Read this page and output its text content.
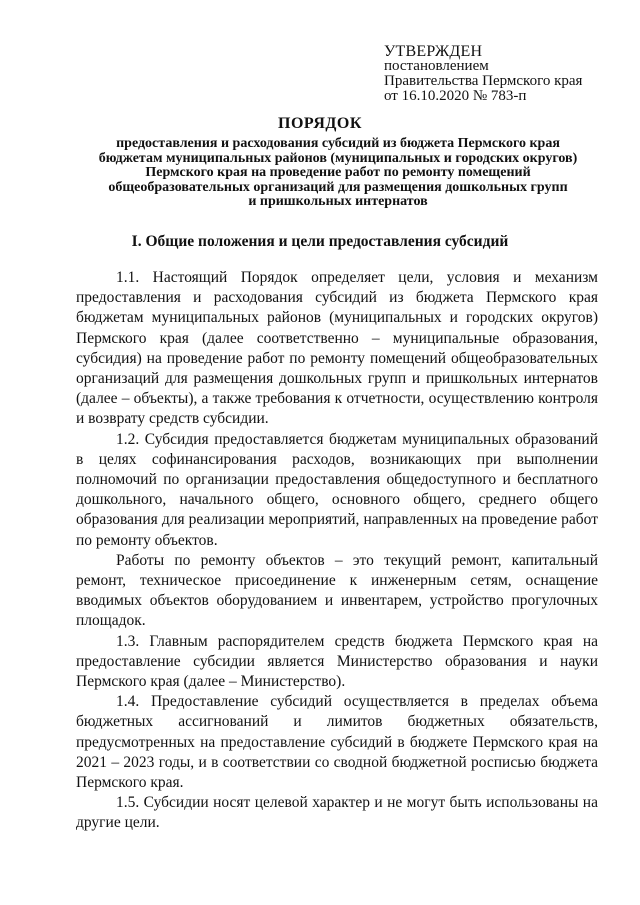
УТВЕРЖДЕН
постановлением
Правительства Пермского края
от 16.10.2020 № 783-п
ПОРЯДОК
предоставления и расходования субсидий из бюджета Пермского края
бюджетам муниципальных районов (муниципальных и городских округов)
Пермского края на проведение работ по ремонту помещений
общеобразовательных организаций для размещения дошкольных групп
и пришкольных интернатов
I. Общие положения и цели предоставления субсидий

1.1. Настоящий Порядок определяет цели, условия и механизм предоставления и расходования субсидий из бюджета Пермского края бюджетам муниципальных районов (муниципальных и городских округов) Пермского края (далее соответственно – муниципальные образования, субсидия) на проведение работ по ремонту помещений общеобразовательных организаций для размещения дошкольных групп и пришкольных интернатов (далее – объекты), а также требования к отчетности, осуществлению контроля и возврату средств субсидии.

1.2. Субсидия предоставляется бюджетам муниципальных образований в целях софинансирования расходов, возникающих при выполнении полномочий по организации предоставления общедоступного и бесплатного дошкольного, начального общего, основного общего, среднего общего образования для реализации мероприятий, направленных на проведение работ по ремонту объектов.

Работы по ремонту объектов – это текущий ремонт, капитальный ремонт, техническое присоединение к инженерным сетям, оснащение вводимых объектов оборудованием и инвентарем, устройство прогулочных площадок.

1.3. Главным распорядителем средств бюджета Пермского края на предоставление субсидии является Министерство образования и науки Пермского края (далее – Министерство).

1.4. Предоставление субсидий осуществляется в пределах объема бюджетных ассигнований и лимитов бюджетных обязательств, предусмотренных на предоставление субсидий в бюджете Пермского края на 2021 – 2023 годы, и в соответствии со сводной бюджетной росписью бюджета Пермского края.

1.5. Субсидии носят целевой характер и не могут быть использованы на другие цели.
